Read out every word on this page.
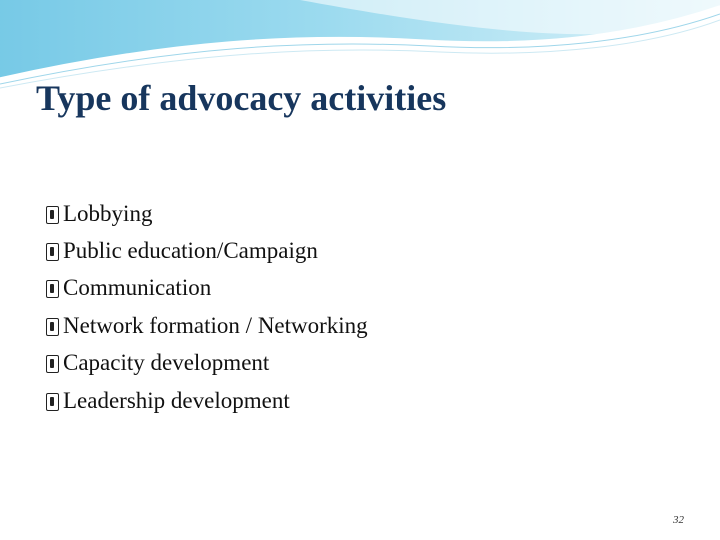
Type of advocacy activities
Lobbying
Public education/Campaign
Communication
Network formation / Networking
Capacity development
Leadership development
32
